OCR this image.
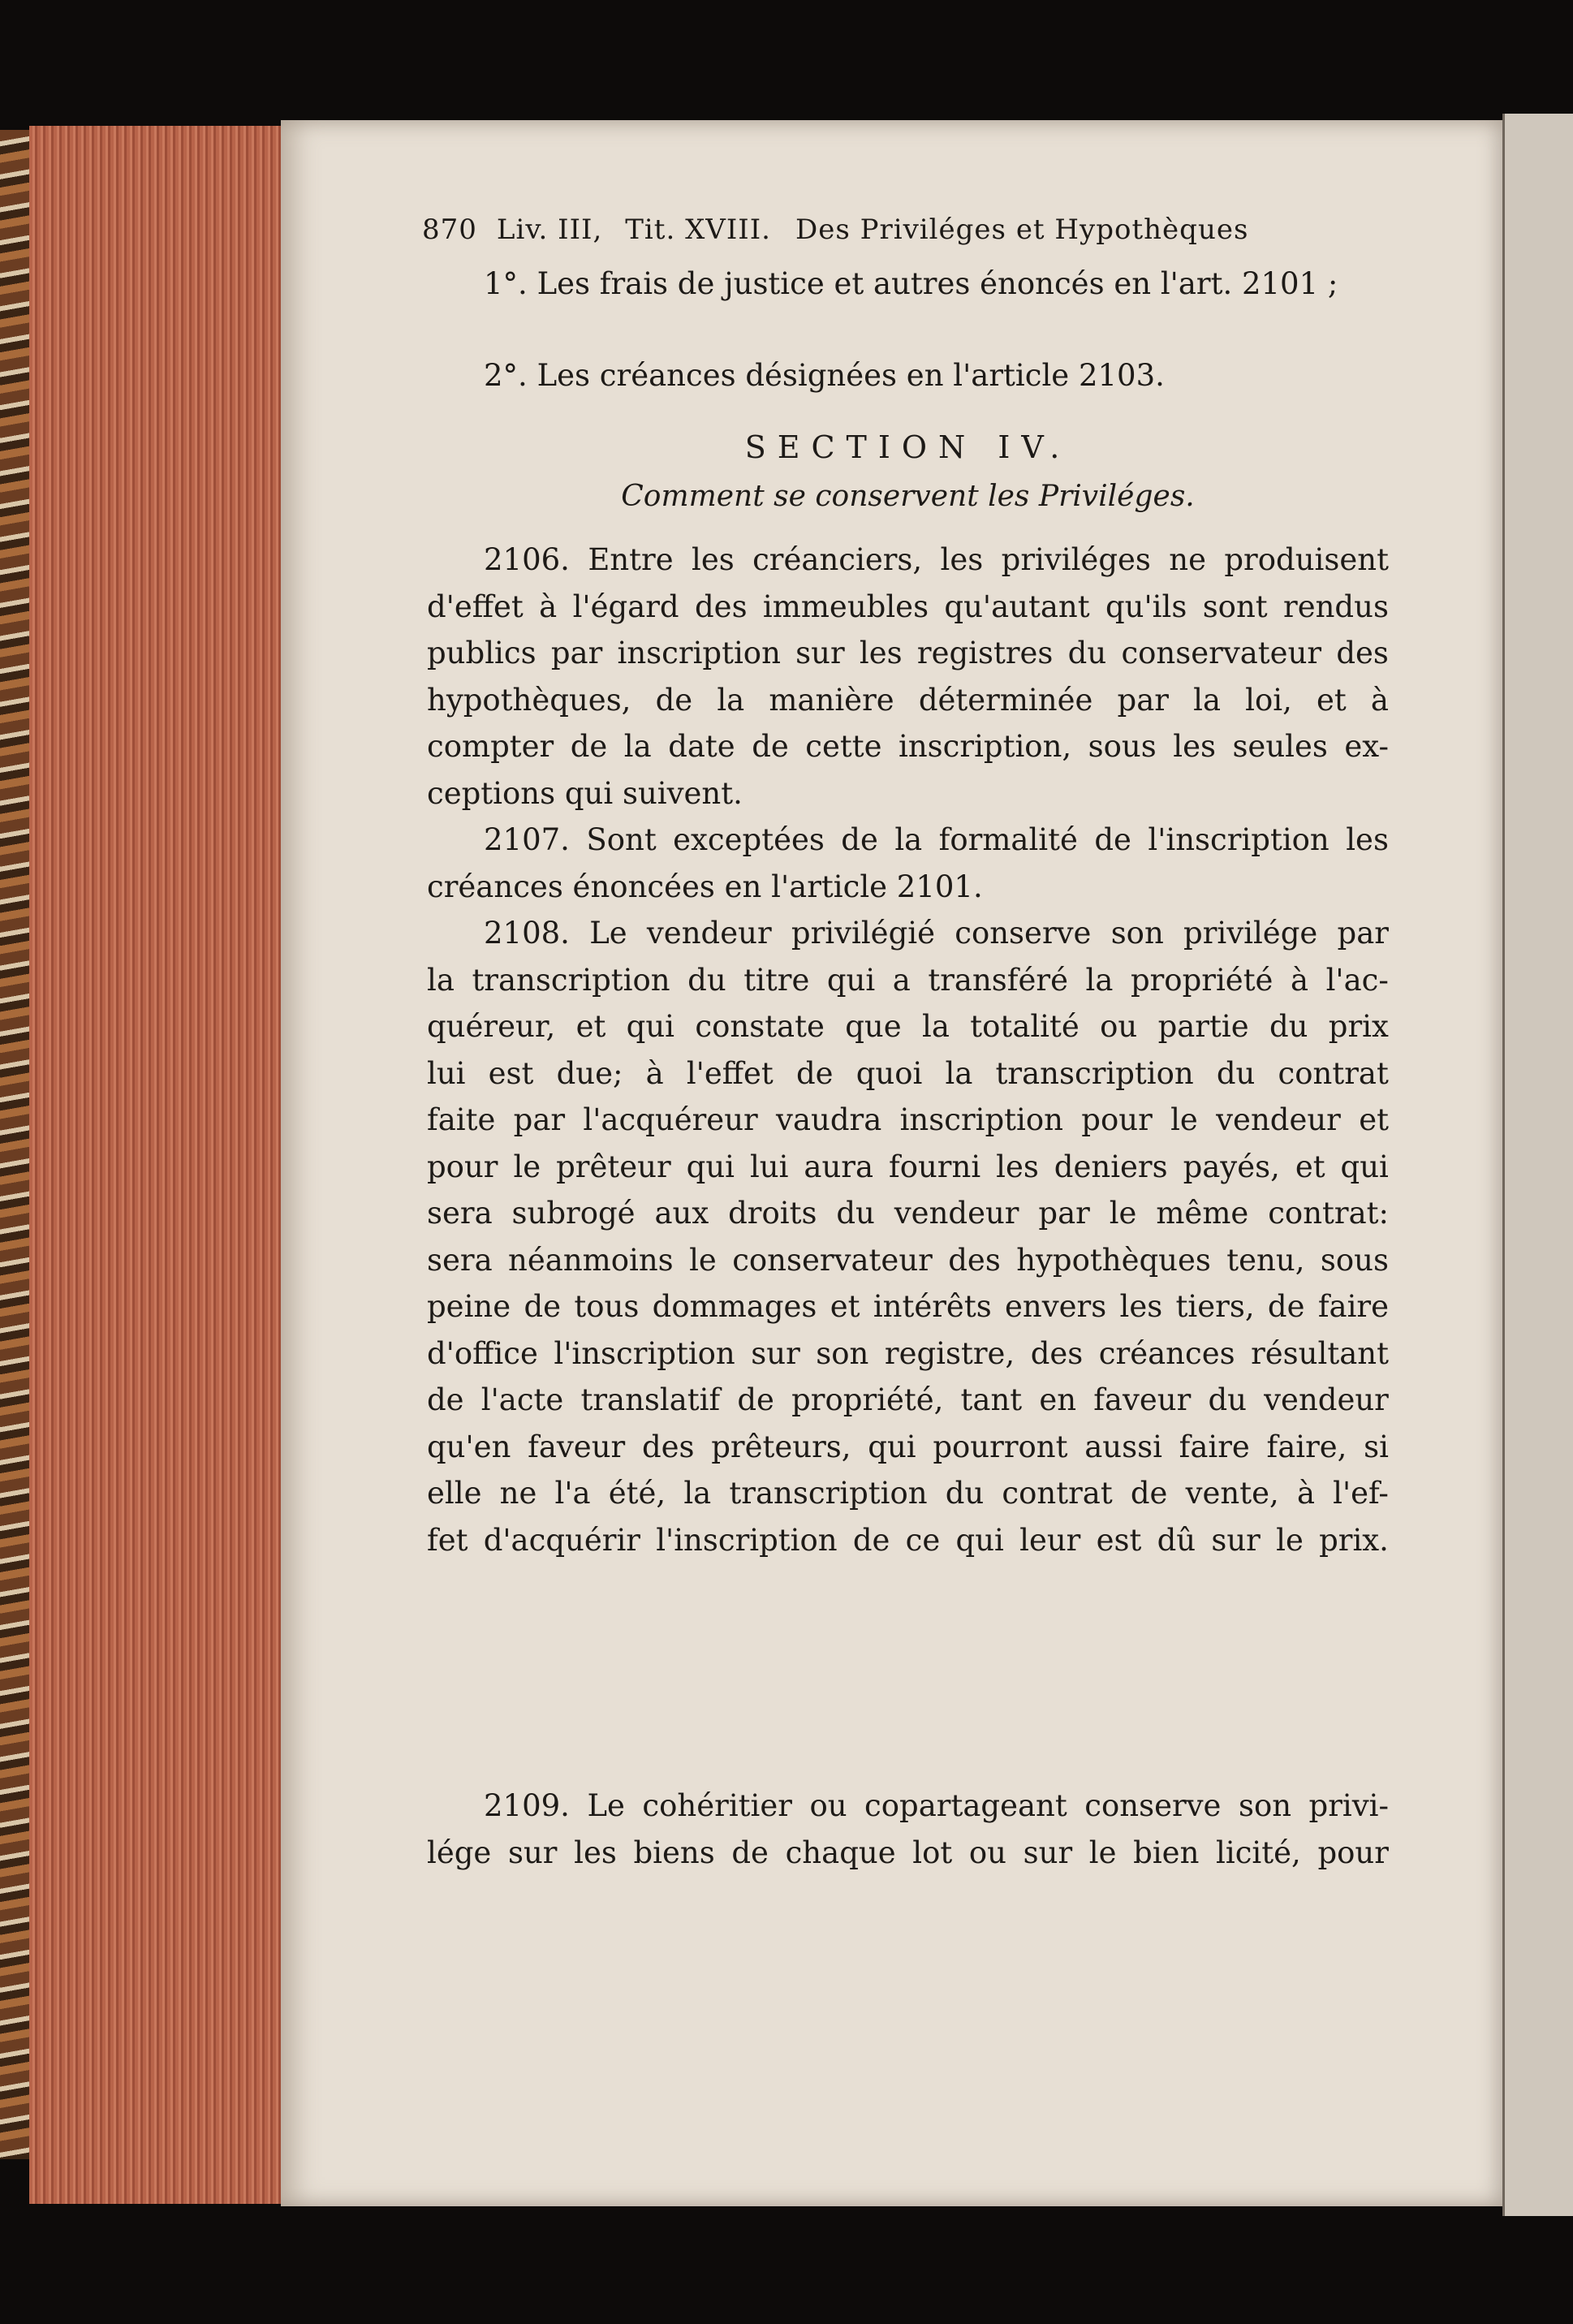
870 Liv. III, Tit. XVIII. Des Priviléges et Hypothèques
1°. Les frais de justice et autres énoncés en l'art. 2101 ;
2°. Les créances désignées en l'article 2103.
SECTION IV.
Comment se conservent les Priviléges.
2106. Entre les créanciers, les priviléges ne produisent
d'effet à l'égard des immeubles qu'autant qu'ils sont rendus
publics par inscription sur les registres du conservateur des
hypothèques, de la manière déterminée par la loi, et à
compter de la date de cette inscription, sous les seules ex-
ceptions qui suivent.
2107. Sont exceptées de la formalité de l'inscription les
créances énoncées en l'article 2101.
2108. Le vendeur privilégié conserve son privilége par
la transcription du titre qui a transféré la propriété à l'ac-
quéreur, et qui constate que la totalité ou partie du prix
lui est due; à l'effet de quoi la transcription du contrat
faite par l'acquéreur vaudra inscription pour le vendeur et
pour le prêteur qui lui aura fourni les deniers payés, et qui
sera subrogé aux droits du vendeur par le même contrat:
sera néanmoins le conservateur des hypothèques tenu, sous
peine de tous dommages et intérêts envers les tiers, de faire
d'office l'inscription sur son registre, des créances résultant
de l'acte translatif de propriété, tant en faveur du vendeur
qu'en faveur des prêteurs, qui pourront aussi faire faire, si
elle ne l'a été, la transcription du contrat de vente, à l'ef-
fet d'acquérir l'inscription de ce qui leur est dû sur le prix.
2109. Le cohéritier ou copartageant conserve son privi-
lége sur les biens de chaque lot ou sur le bien licité, pour
